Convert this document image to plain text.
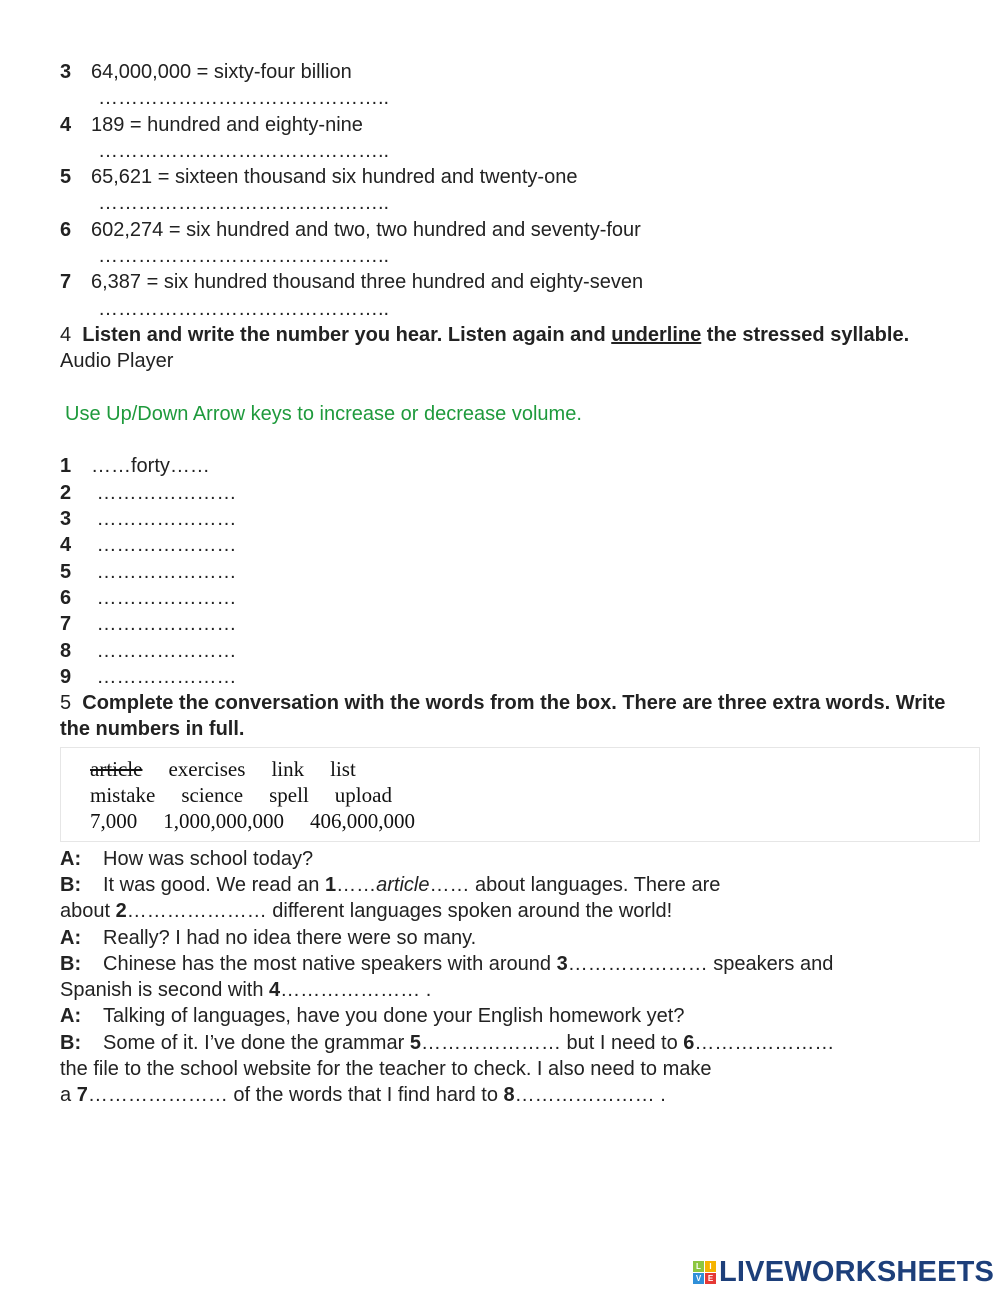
3 64,000,000 = sixty-four billion
……………………………………..
4 189 = hundred and eighty-nine
……………………………………..
5 65,621 = sixteen thousand six hundred and twenty-one
……………………………………..
6 602,274 = six hundred and two, two hundred and seventy-four
……………………………………..
7 6,387 = six hundred thousand three hundred and eighty-seven
……………………………………..
4 Listen and write the number you hear. Listen again and underline the stressed syllable.
Audio Player
Use Up/Down Arrow keys to increase or decrease volume.
1 ……forty……
2 …………………
3 …………………
4 …………………
5 …………………
6 …………………
7 …………………
8 …………………
9 …………………
5 Complete the conversation with the words from the box. There are three extra words. Write the numbers in full.
article exercises link list
mistake science spell upload
7,000 1,000,000,000 406,000,000
A: How was school today?
B: It was good. We read an 1……article…… about languages. There are
about 2………………… different languages spoken around the world!
A: Really? I had no idea there were so many.
B: Chinese has the most native speakers with around 3………………… speakers and
Spanish is second with 4………………… .
A: Talking of languages, have you done your English homework yet?
B: Some of it. I’ve done the grammar 5………………… but I need to 6…………………
the file to the school website for the teacher to check. I also need to make
a 7………………… of the words that I find hard to 8………………… .
L	I
V E LIVEWORKSHEETS
